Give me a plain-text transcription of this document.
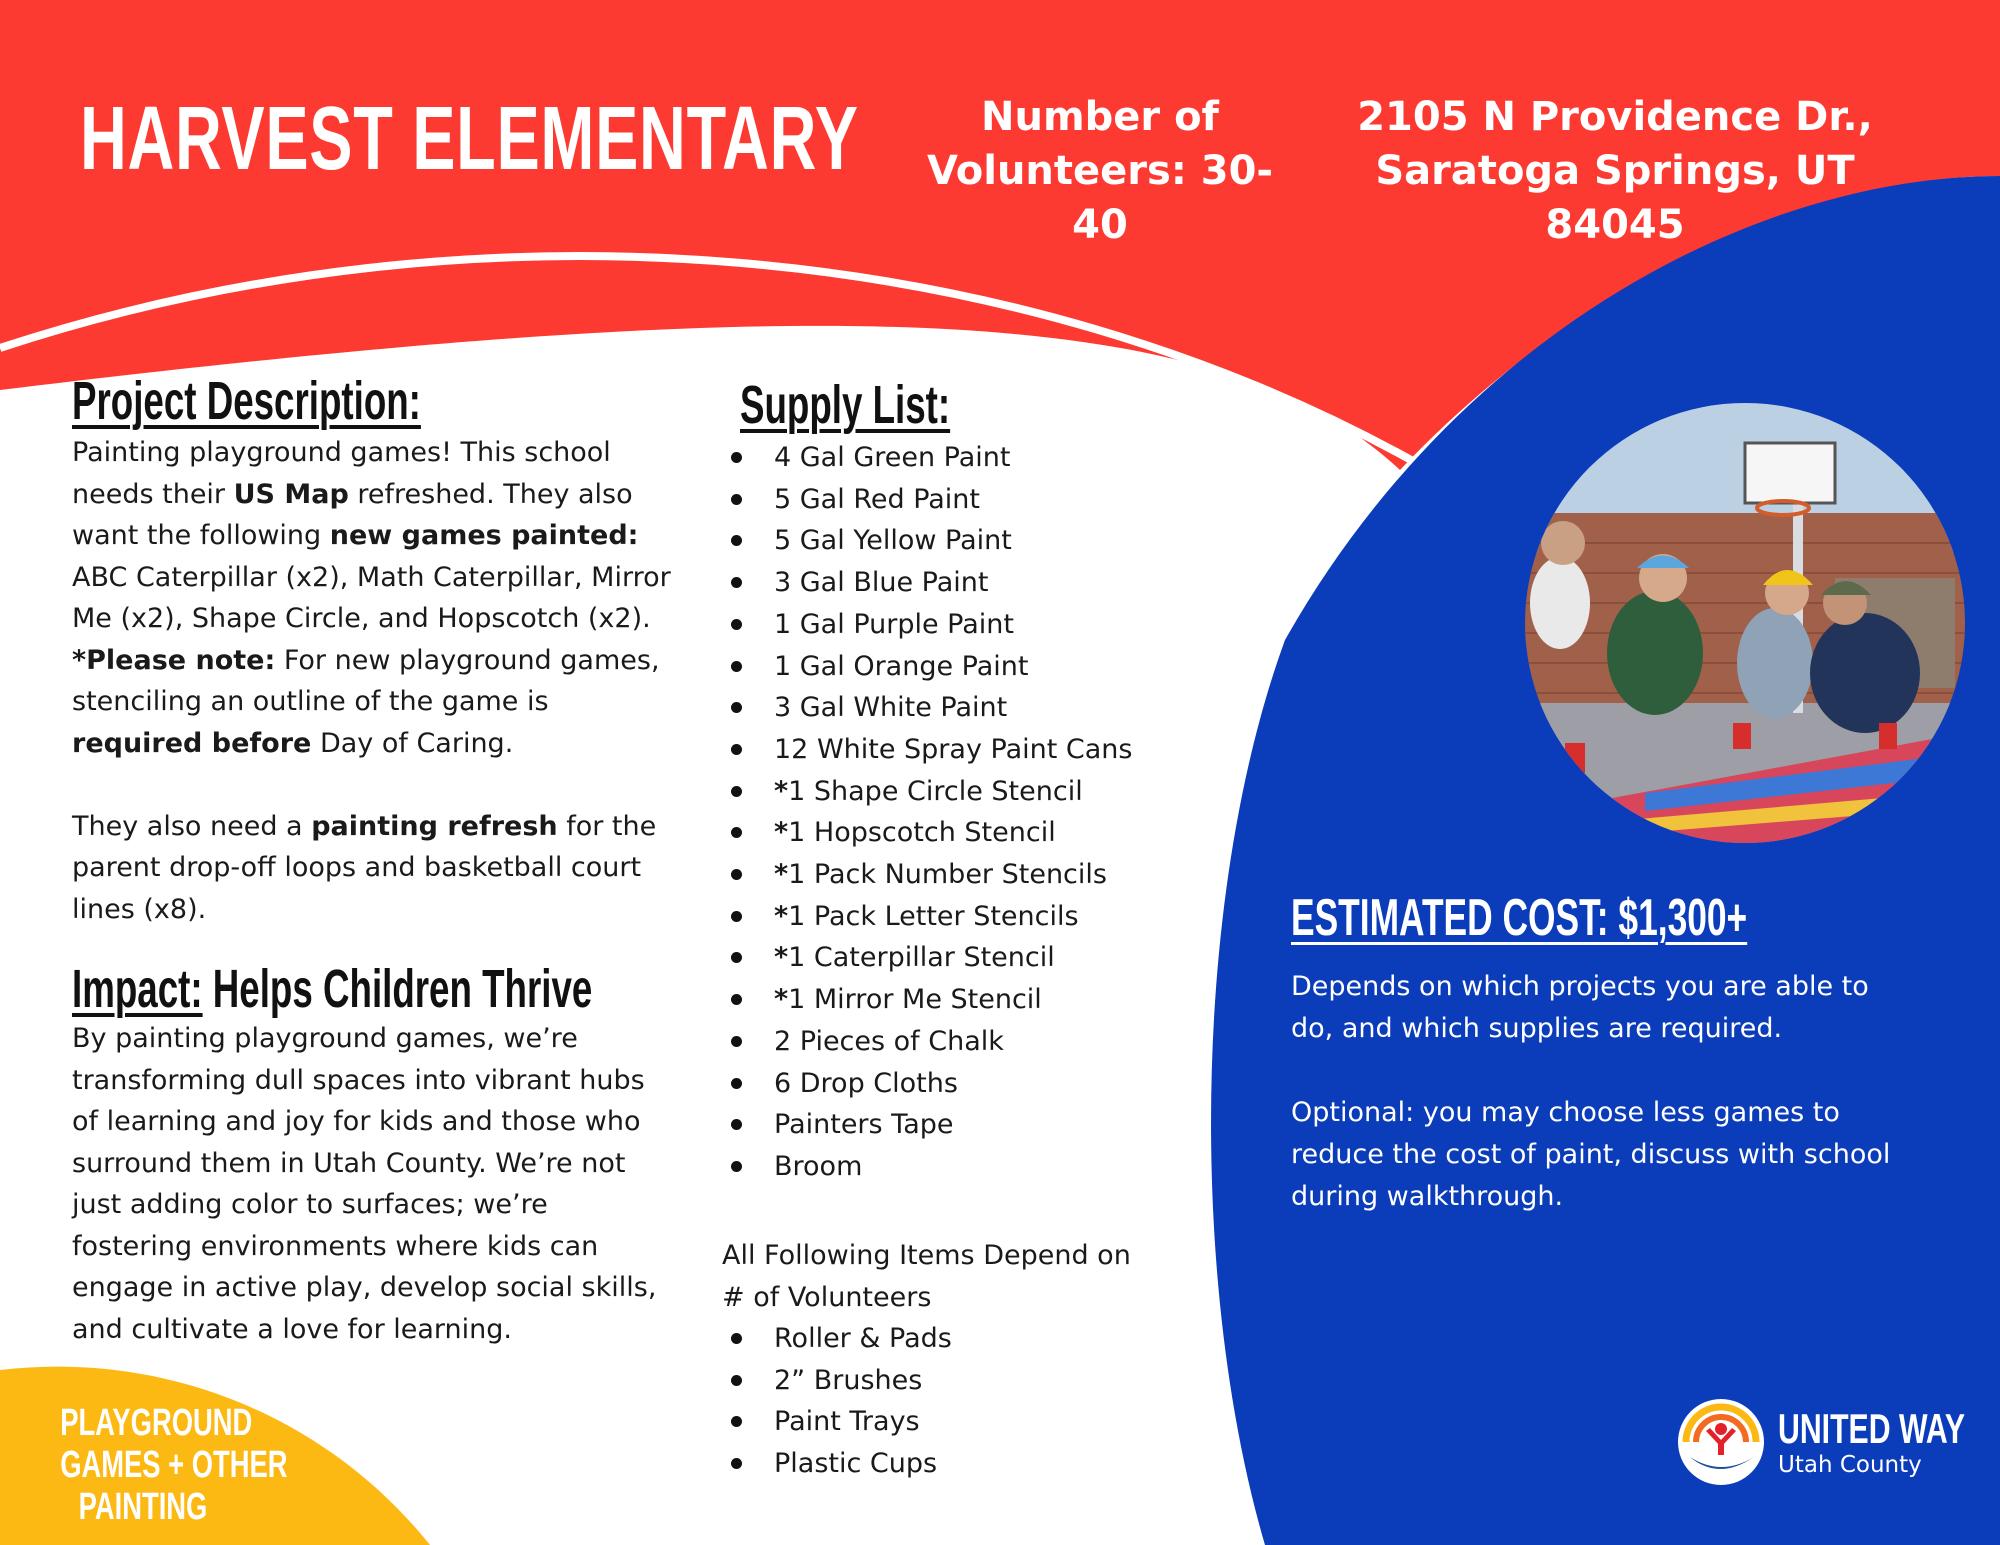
HARVEST ELEMENTARY	Number of
Volunteers: 30-40
2105 N Providence Dr.,
Saratoga Springs, UT
84045
Project Description:

Painting playground games! This school needs their US Map refreshed. They also want the following new games painted: ABC Caterpillar (x2), Math Caterpillar, Mirror Me (x2), Shape Circle, and Hopscotch (x2). *Please note: For new playground games, stenciling an outline of the game is required before Day of Caring.

They also need a painting refresh for the parent drop-off loops and basketball court lines (x8).

Impact: Helps Children Thrive
By painting playground games, we’re transforming dull spaces into vibrant hubs of learning and joy for kids and those who surround them in Utah County. We’re not just adding color to surfaces; we’re fostering environments where kids can engage in active play, develop social skills, and cultivate a love for learning.
Supply List:
4 Gal Green Paint
5 Gal Red Paint
5 Gal Yellow Paint
3 Gal Blue Paint
1 Gal Purple Paint
1 Gal Orange Paint
3 Gal White Paint
12 White Spray Paint Cans
*1 Shape Circle Stencil
*1 Hopscotch Stencil
*1 Pack Number Stencils
*1 Pack Letter Stencils
*1 Caterpillar Stencil
*1 Mirror Me Stencil
2 Pieces of Chalk
6 Drop Cloths
Painters Tape
Broom
All Following Items Depend on # of Volunteers
Roller & Pads
2” Brushes
Paint Trays
Plastic Cups
ESTIMATED COST: $1,300+

Depends on which projects you are able to do, and which supplies are required.

Optional: you may choose less games to reduce the cost of paint, discuss with school during walkthrough.

PLAYGROUND
GAMES + OTHER
PAINTING
UNITED WAY
Utah County
